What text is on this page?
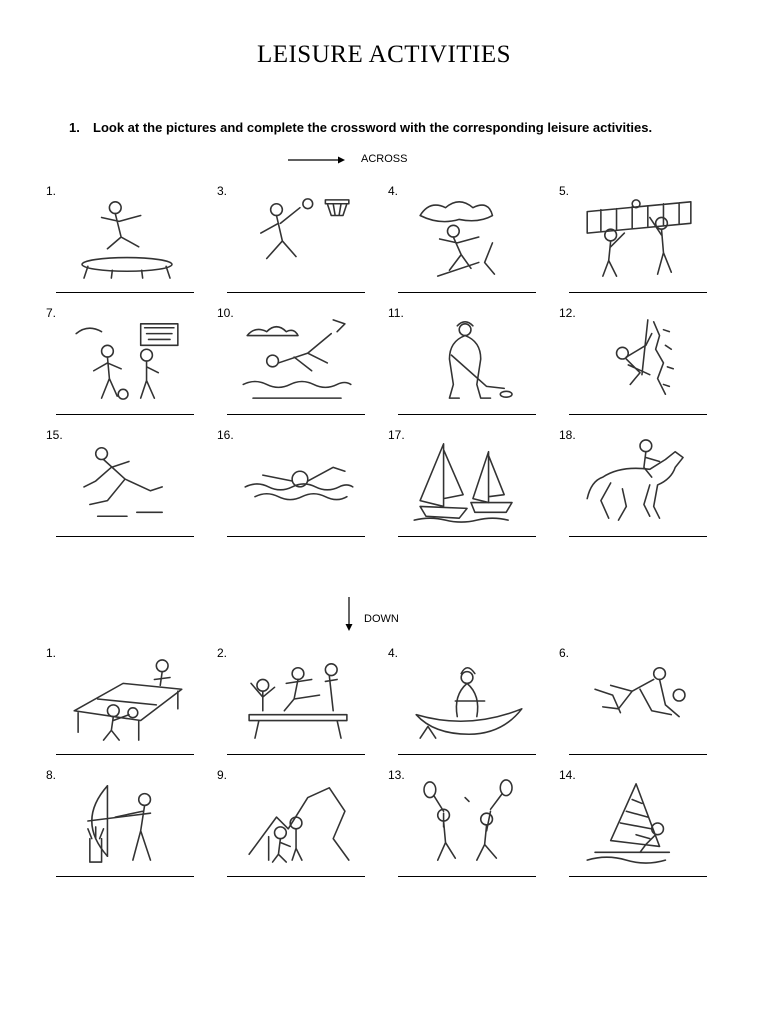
LEISURE ACTIVITIES
1. Look at the pictures and complete the crossword with the corresponding leisure activities.
ACROSS
DOWN
1.	3.	4.	5.
7.	10.	11.	12.
15.	16.	17.	18.
1.	2.	4.	6.
8.	9.	13.	14.
